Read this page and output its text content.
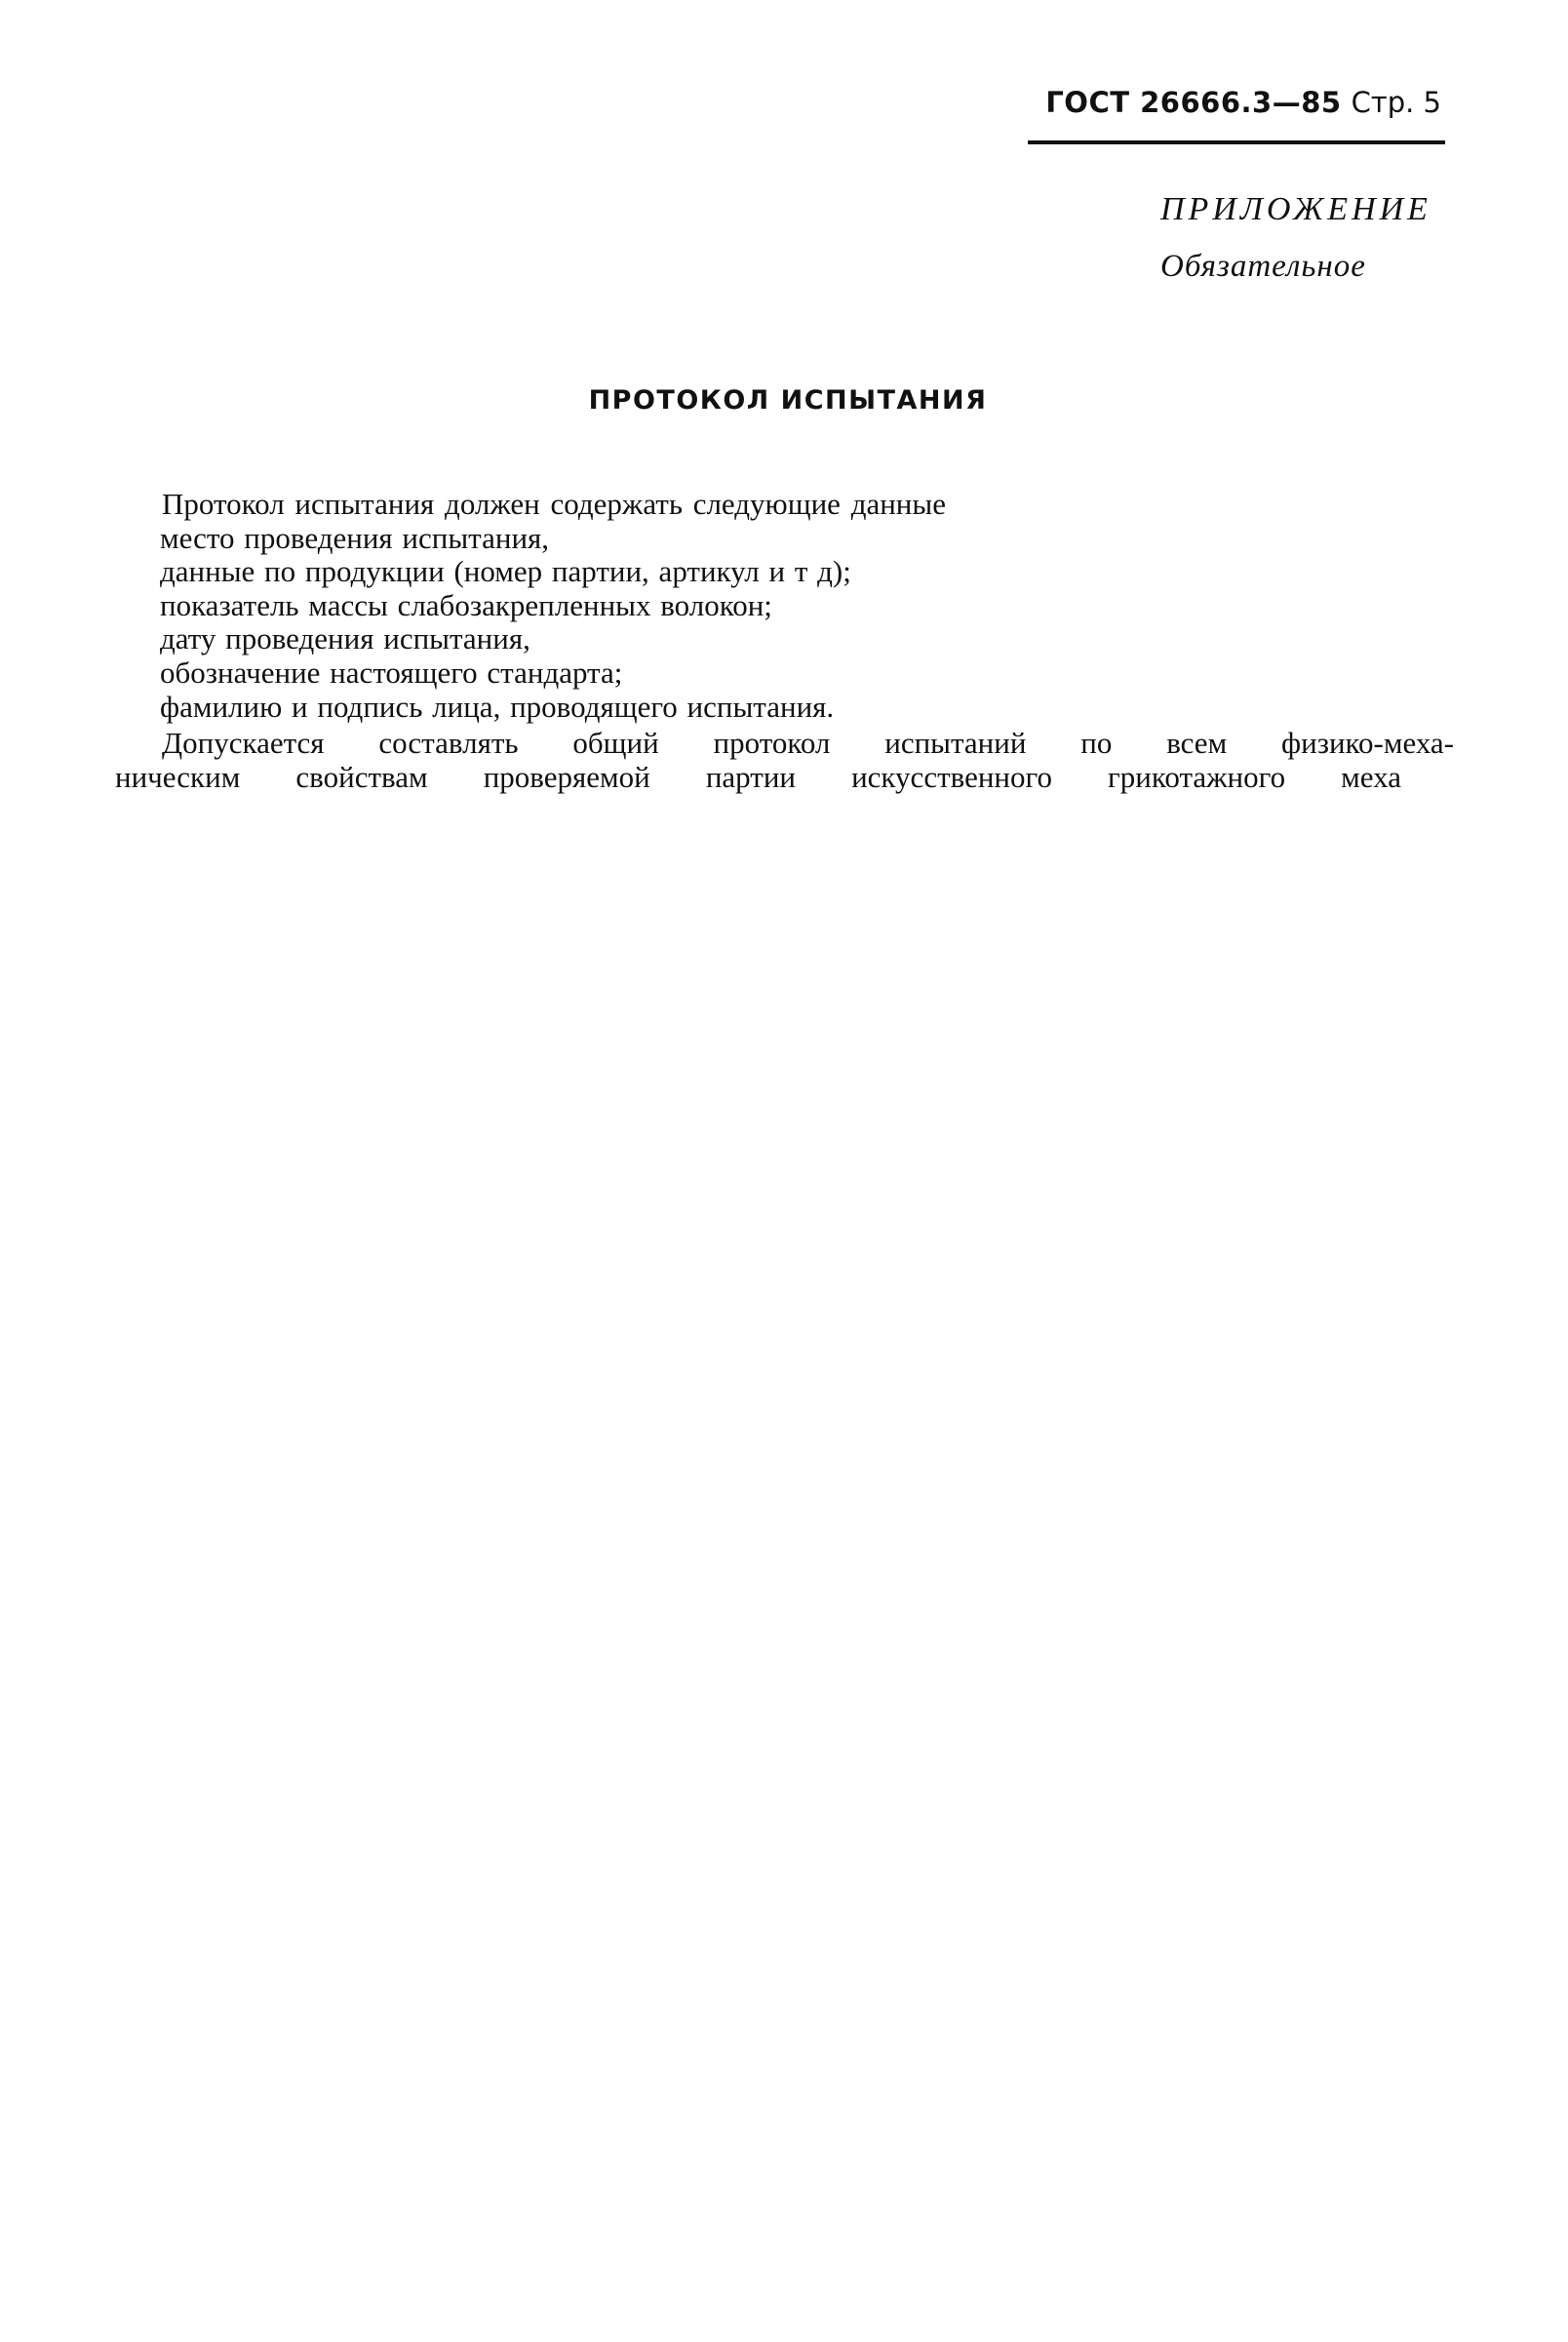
ГОСТ 26666.3—85 Стр. 5
ПРИЛОЖЕНИЕ
Обязательное
ПРОТОКОЛ ИСПЫТАНИЯ
Протокол испытания должен содержать следующие данные
место проведения испытания,
данные по продукции (номер партии, артикул и т д);
показатель массы слабозакрепленных волокон;
дату проведения испытания,
обозначение настоящего стандарта;
фамилию и подпись лица, проводящего испытания.
Допускается составлять общий протокол испытаний по всем физико-меха-
ническим свойствам проверяемой партии искусственного грикотажного меха
